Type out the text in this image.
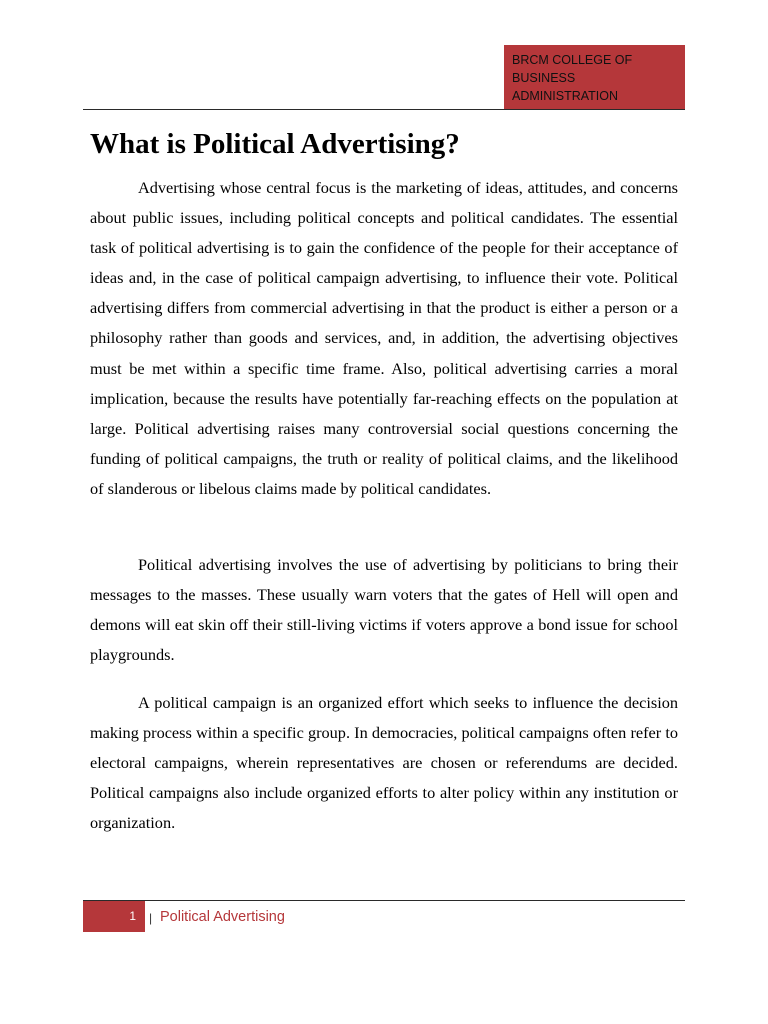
BRCM COLLEGE OF BUSINESS ADMINISTRATION
What is Political Advertising?

Advertising whose central focus is the marketing of ideas, attitudes, and concerns about public issues, including political concepts and political candidates. The essential task of political advertising is to gain the confidence of the people for their acceptance of ideas and, in the case of political campaign advertising, to influence their vote. Political advertising differs from commercial advertising in that the product is either a person or a philosophy rather than goods and services, and, in addition, the advertising objectives must be met within a specific time frame. Also, political advertising carries a moral implication, because the results have potentially far-reaching effects on the population at large. Political advertising raises many controversial social questions concerning the funding of political campaigns, the truth or reality of political claims, and the likelihood of slanderous or libelous claims made by political candidates.

Political advertising involves the use of advertising by politicians to bring their messages to the masses. These usually warn voters that the gates of Hell will open and demons will eat skin off their still-living victims if voters approve a bond issue for school playgrounds.

A political campaign is an organized effort which seeks to influence the decision making process within a specific group. In democracies, political campaigns often refer to electoral campaigns, wherein representatives are chosen or referendums are decided. Political campaigns also include organized efforts to alter policy within any institution or organization.

1	| Political Advertising
